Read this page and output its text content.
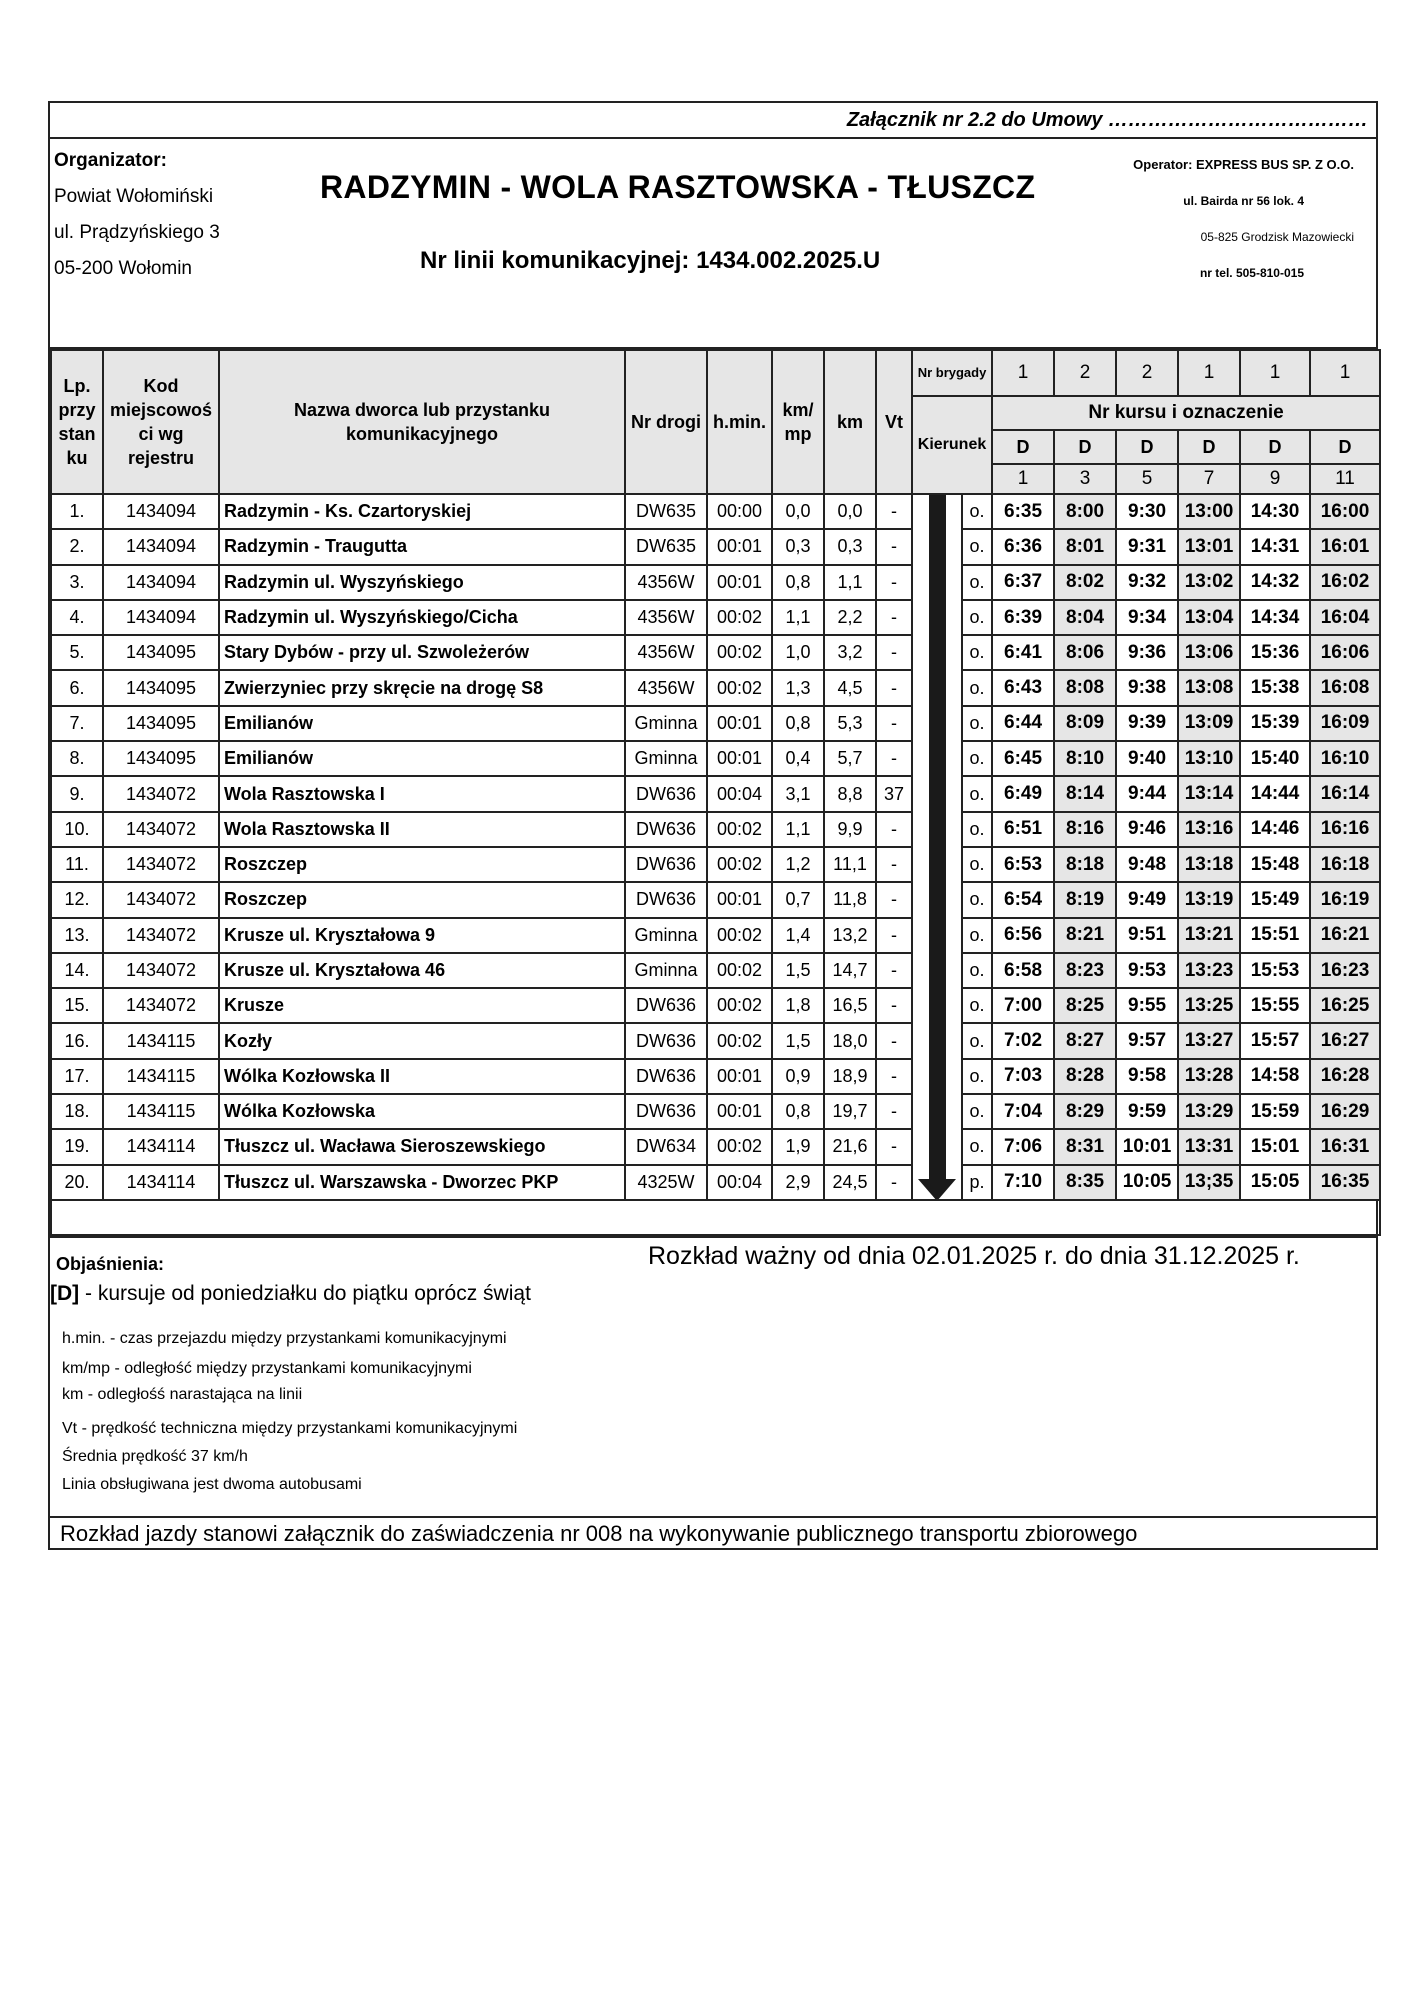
Załącznik nr 2.2 do Umowy …………………………………
Organizator:
Powiat Wołomiński
ul. Prądzyńskiego 3
05-200 Wołomin
RADZYMIN - WOLA RASZTOWSKA - TŁUSZCZ
Nr linii komunikacyjnej: 1434.002.2025.U
Operator: EXPRESS BUS SP. Z O.O.
ul. Bairda nr 56 lok. 4
05-825 Grodzisk Mazowiecki
nr tel. 505-810-015
Lp. przy stan ku	Kod miejscowoś ci wg rejestru	Nazwa dworca lub przystanku komunikacyjnego	Nr drogi	h.min.	km/ mp	km	Vt	Nr brygady		1	2	2	1	1	1
								Kierunek		Nr kursu i oznaczenie					
										D	D	D	D	D	D
										1	3	5	7	9	11
1.	1434094	Radzymin - Ks. Czartoryskiej	DW635	00:00	0,0	0,0	-		o.	6:35	8:00	9:30	13:00	14:30	16:00
2.	1434094	Radzymin - Traugutta	DW635	00:01	0,3	0,3	-		o.	6:36	8:01	9:31	13:01	14:31	16:01
3.	1434094	Radzymin ul. Wyszyńskiego	4356W	00:01	0,8	1,1	-		o.	6:37	8:02	9:32	13:02	14:32	16:02
4.	1434094	Radzymin ul. Wyszyńskiego/Cicha	4356W	00:02	1,1	2,2	-		o.	6:39	8:04	9:34	13:04	14:34	16:04
5.	1434095	Stary Dybów - przy ul. Szwoleżerów	4356W	00:02	1,0	3,2	-		o.	6:41	8:06	9:36	13:06	15:36	16:06
6.	1434095	Zwierzyniec przy skręcie na drogę S8	4356W	00:02	1,3	4,5	-		o.	6:43	8:08	9:38	13:08	15:38	16:08
7.	1434095	Emilianów	Gminna	00:01	0,8	5,3	-		o.	6:44	8:09	9:39	13:09	15:39	16:09
8.	1434095	Emilianów	Gminna	00:01	0,4	5,7	-		o.	6:45	8:10	9:40	13:10	15:40	16:10
9.	1434072	Wola Rasztowska I	DW636	00:04	3,1	8,8	37		o.	6:49	8:14	9:44	13:14	14:44	16:14
10.	1434072	Wola Rasztowska II	DW636	00:02	1,1	9,9	-		o.	6:51	8:16	9:46	13:16	14:46	16:16
11.	1434072	Roszczep	DW636	00:02	1,2	11,1	-		o.	6:53	8:18	9:48	13:18	15:48	16:18
12.	1434072	Roszczep	DW636	00:01	0,7	11,8	-		o.	6:54	8:19	9:49	13:19	15:49	16:19
13.	1434072	Krusze ul. Kryształowa 9	Gminna	00:02	1,4	13,2	-		o.	6:56	8:21	9:51	13:21	15:51	16:21
14.	1434072	Krusze ul. Kryształowa 46	Gminna	00:02	1,5	14,7	-		o.	6:58	8:23	9:53	13:23	15:53	16:23
15.	1434072	Krusze	DW636	00:02	1,8	16,5	-		o.	7:00	8:25	9:55	13:25	15:55	16:25
16.	1434115	Kozły	DW636	00:02	1,5	18,0	-		o.	7:02	8:27	9:57	13:27	15:57	16:27
17.	1434115	Wólka Kozłowska II	DW636	00:01	0,9	18,9	-		o.	7:03	8:28	9:58	13:28	14:58	16:28
18.	1434115	Wólka Kozłowska	DW636	00:01	0,8	19,7	-		o.	7:04	8:29	9:59	13:29	15:59	16:29
19.	1434114	Tłuszcz ul. Wacława Sieroszewskiego	DW634	00:02	1,9	21,6	-		o.	7:06	8:31	10:01	13:31	15:01	16:31
20.	1434114	Tłuszcz ul. Warszawska - Dworzec PKP	4325W	00:04	2,9	24,5	-		p.	7:10	8:35	10:05	13;35	15:05	16:35

Objaśnienia:
[D] - kursuje od poniedziałku do piątku oprócz świąt
Rozkład ważny od dnia 02.01.2025 r. do dnia 31.12.2025 r.
h.min. - czas przejazdu między przystankami komunikacyjnymi
km/mp - odległość między przystankami komunikacyjnymi
km - odległośś narastająca na linii
Vt - prędkość techniczna między przystankami komunikacyjnymi
Średnia prędkość 37 km/h
Linia obsługiwana jest dwoma autobusami
Rozkład jazdy stanowi załącznik do zaświadczenia nr 008 na wykonywanie publicznego transportu zbiorowego
